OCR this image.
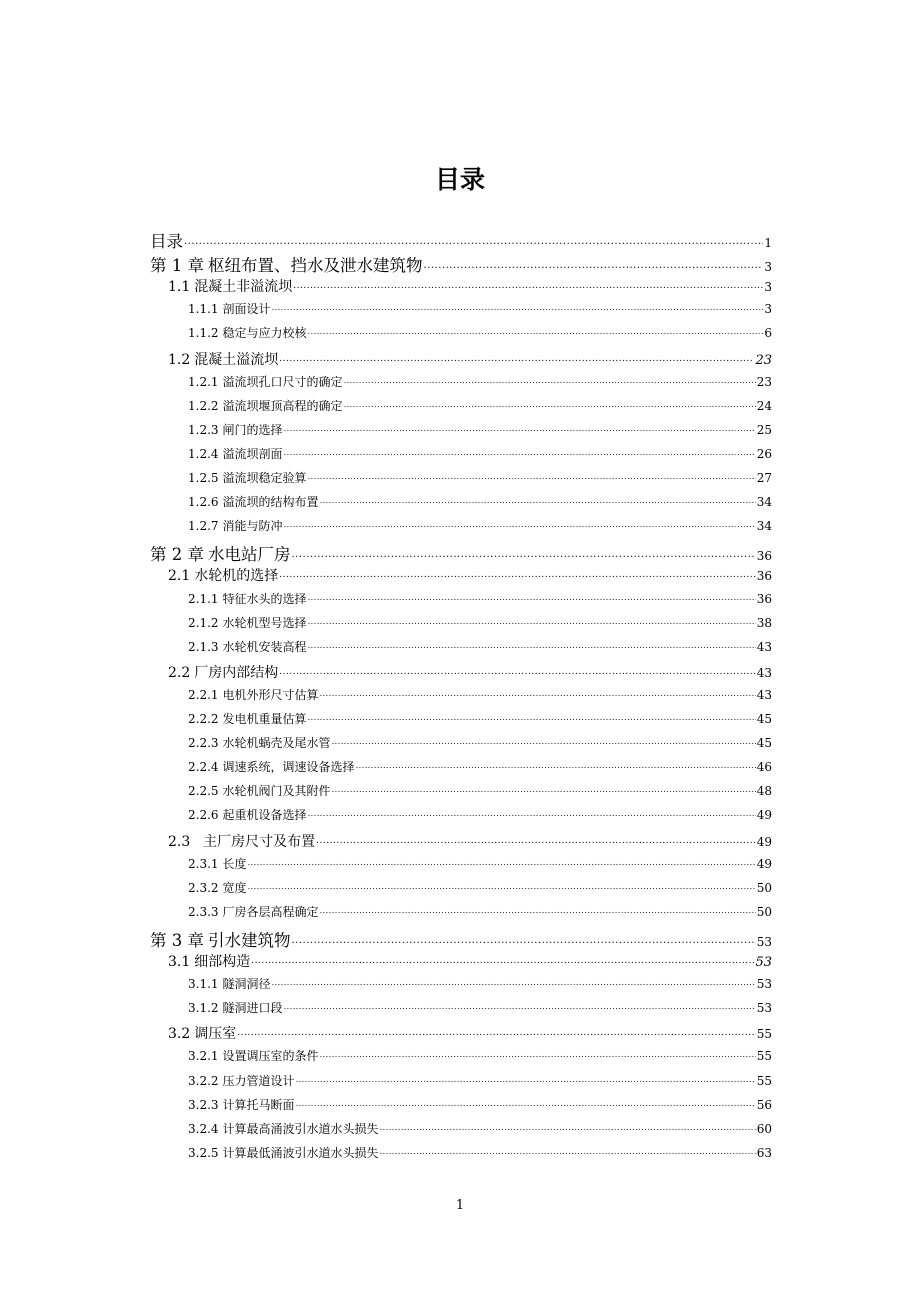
目录
目录 .....	1
第 1 章 枢纽布置、挡水及泄水建筑物 .....	3
1.1 混凝土非溢流坝 .....	3
1.1.1 剖面设计 .....	3
1.1.2 稳定与应力校核 .....	6
1.2 混凝土溢流坝 .....	23
1.2.1 溢流坝孔口尺寸的确定 .....	23
1.2.2 溢流坝堰顶高程的确定 .....	24
1.2.3 闸门的选择 .....	25
1.2.4 溢流坝剖面 .....	26
1.2.5 溢流坝稳定验算 .....	27
1.2.6 溢流坝的结构布置 .....	34
1.2.7 消能与防冲 .....	34
第 2 章 水电站厂房 .....	36
2.1 水轮机的选择 .....	36
2.1.1 特征水头的选择 .....	36
2.1.2 水轮机型号选择 .....	38
2.1.3 水轮机安装高程 .....	43
2.2 厂房内部结构 .....	43
2.2.1 电机外形尺寸估算 .....	43
2.2.2 发电机重量估算 .....	45
2.2.3 水轮机蜗壳及尾水管 .....	45
2.2.4 调速系统，调速设备选择 .....	46
2.2.5 水轮机阀门及其附件 .....	48
2.2.6 起重机设备选择 .....	49
2.3  主厂房尺寸及布置 .....	49
2.3.1 长度 .....	49
2.3.2 宽度 .....	50
2.3.3 厂房各层高程确定 .....	50
第 3 章 引水建筑物 .....	53
3.1 细部构造 .....	53
3.1.1 隧洞洞径 .....	53
3.1.2 隧洞进口段 .....	53
3.2 调压室 .....	55
3.2.1 设置调压室的条件 .....	55
3.2.2 压力管道设计 .....	55
3.2.3 计算托马断面 .....	56
3.2.4 计算最高涌波引水道水头损失 .....	60
3.2.5 计算最低涌波引水道水头损失 .....	63
1
